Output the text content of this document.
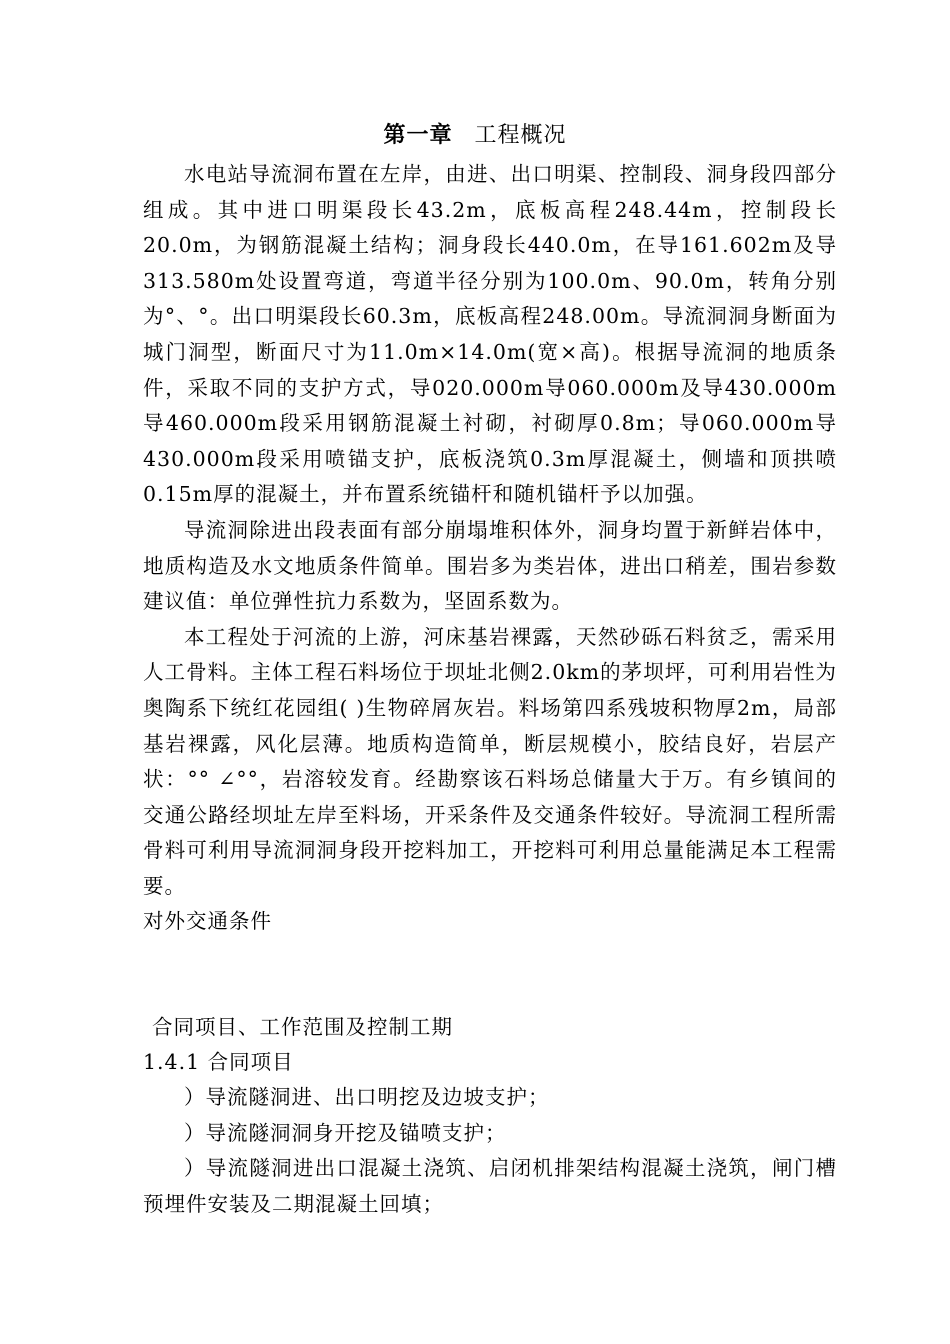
第一章 工程概况

水电站导流洞布置在左岸，由进、出口明渠、控制段、洞身段四部分组成。其中进口明渠段长43.2m，底板高程248.44m，控制段长20.0m，为钢筋混凝土结构；洞身段长440.0m，在导161.602m及导313.580m处设置弯道，弯道半径分别为100.0m、90.0m，转角分别为°、°。出口明渠段长60.3m，底板高程248.00m。导流洞洞身断面为城门洞型，断面尺寸为11.0m×14.0m(宽×高)。根据导流洞的地质条件，采取不同的支护方式，导020.000m导060.000m及导430.000m导460.000m段采用钢筋混凝土衬砌，衬砌厚0.8m；导060.000m导430.000m段采用喷锚支护，底板浇筑0.3m厚混凝土，侧墙和顶拱喷0.15m厚的混凝土，并布置系统锚杆和随机锚杆予以加强。

导流洞除进出段表面有部分崩塌堆积体外，洞身均置于新鲜岩体中，地质构造及水文地质条件简单。围岩多为类岩体，进出口稍差，围岩参数建议值：单位弹性抗力系数为，坚固系数为。

本工程处于河流的上游，河床基岩裸露，天然砂砾石料贫乏，需采用人工骨料。主体工程石料场位于坝址北侧2.0km的茅坝坪，可利用岩性为奥陶系下统红花园组( )生物碎屑灰岩。料场第四系残坡积物厚2m，局部基岩裸露，风化层薄。地质构造简单，断层规模小，胶结良好，岩层产状：°° ∠°°，岩溶较发育。经勘察该石料场总储量大于万。有乡镇间的交通公路经坝址左岸至料场，开采条件及交通条件较好。导流洞工程所需骨料可利用导流洞洞身段开挖料加工，开挖料可利用总量能满足本工程需要。

对外交通条件

合同项目、工作范围及控制工期
1.4.1 合同项目

）导流隧洞进、出口明挖及边坡支护；

）导流隧洞洞身开挖及锚喷支护；

）导流隧洞进出口混凝土浇筑、启闭机排架结构混凝土浇筑，闸门槽预埋件安装及二期混凝土回填；
